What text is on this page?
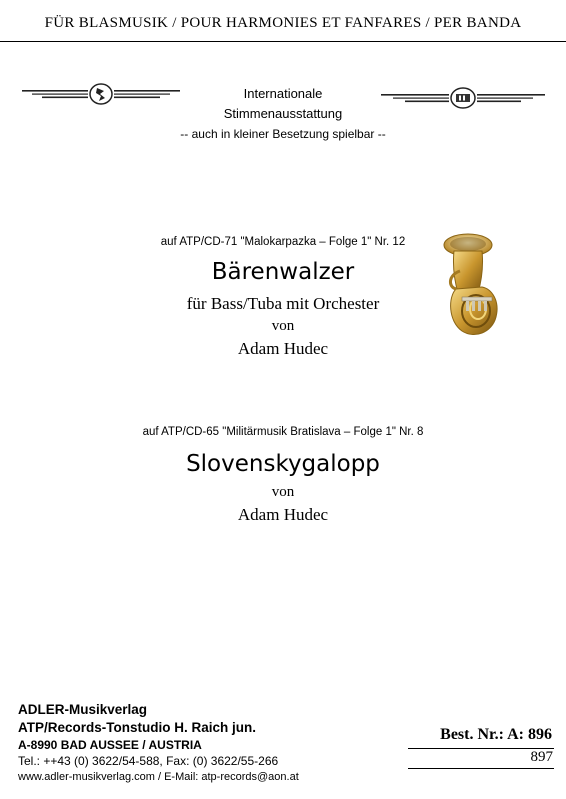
FÜR BLASMUSIK / POUR HARMONIES ET FANFARES / PER BANDA
Internationale
Stimmenausstattung
-- auch in kleiner Besetzung spielbar --
auf ATP/CD-71 "Malokarpazka – Folge 1" Nr. 12
Bärenwalzer
für Bass/Tuba mit Orchester
von
Adam Hudec
auf ATP/CD-65 "Militärmusik Bratislava – Folge 1" Nr. 8
Slovenskygalopp
von
Adam Hudec
ADLER-Musikverlag
ATP/Records-Tonstudio H. Raich jun.
A-8990 BAD AUSSEE / AUSTRIA
Tel.: ++43 (0) 3622/54-588, Fax: (0) 3622/55-266
www.adler-musikverlag.com / E-Mail: atp-records@aon.at
Best. Nr.: A: 896
897
